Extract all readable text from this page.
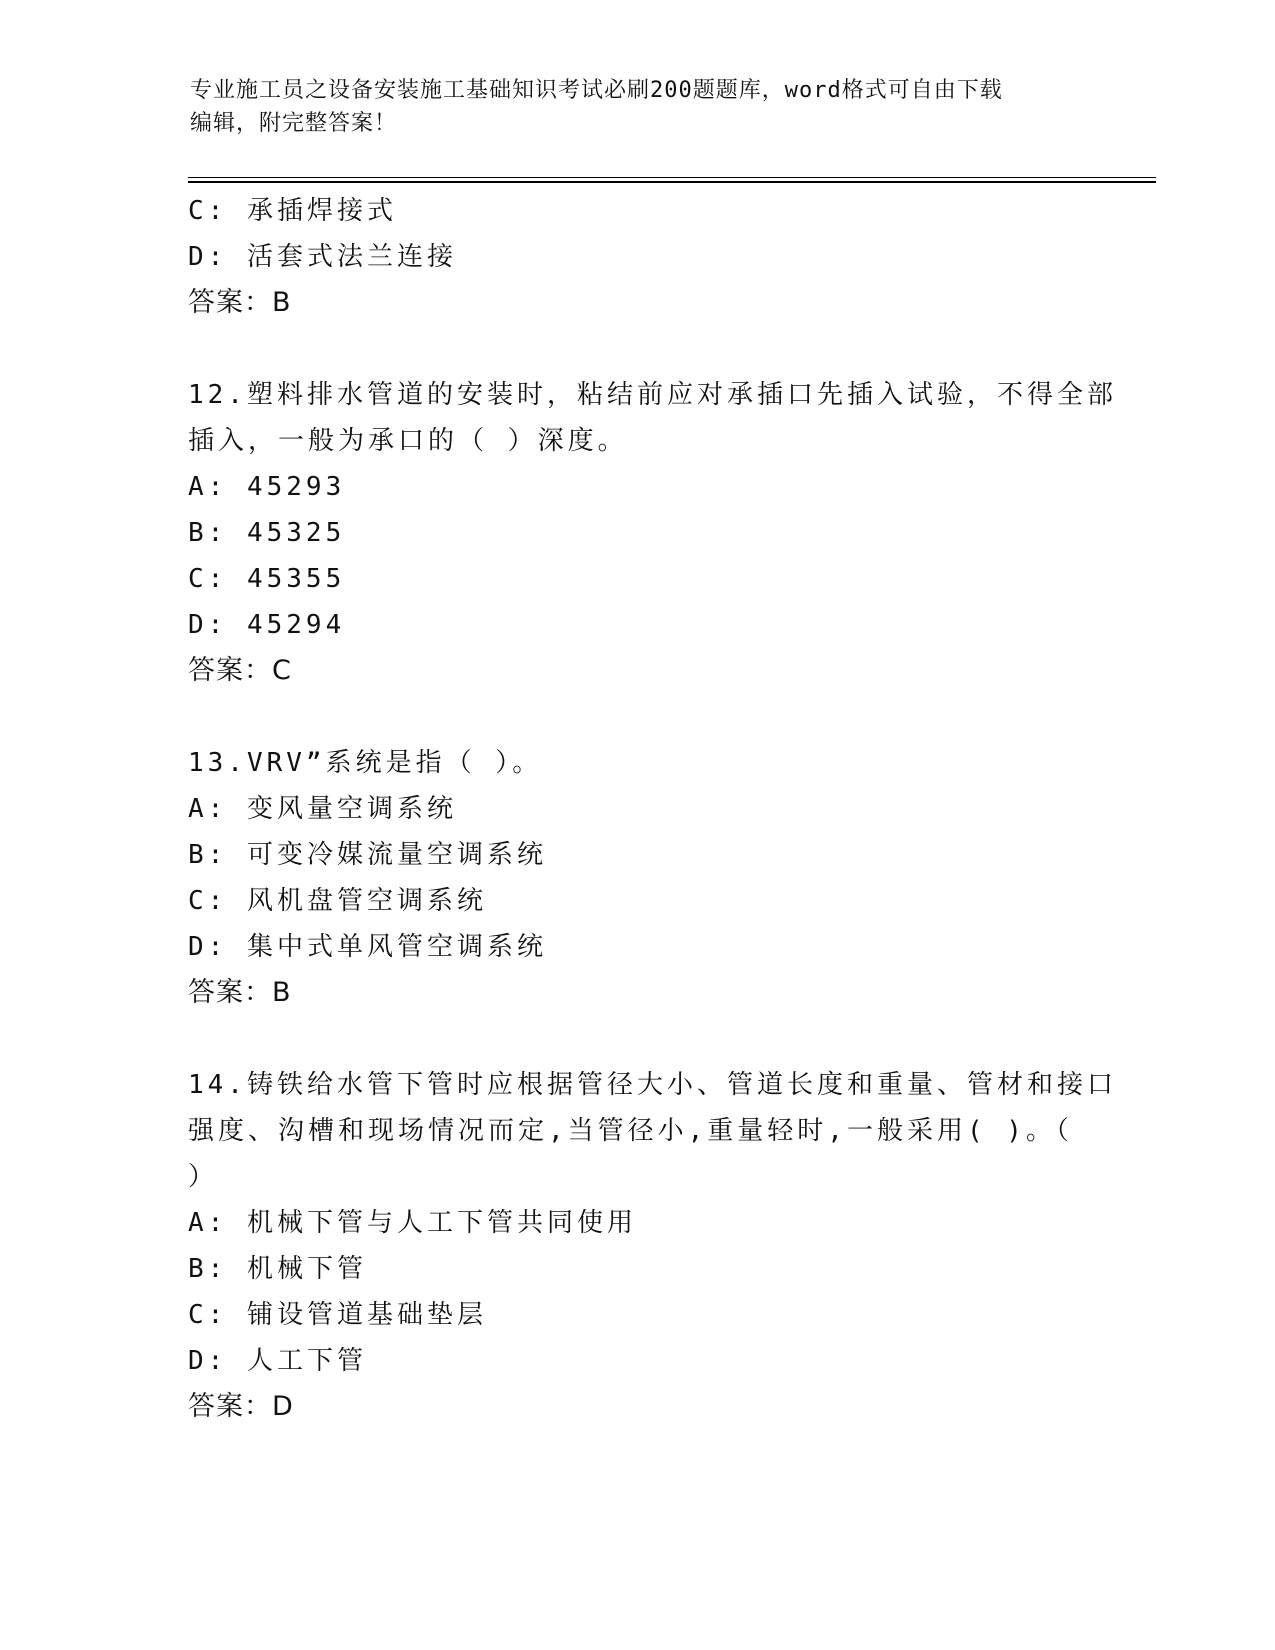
专业施工员之设备安装施工基础知识考试必刷200题题库，word格式可自由下载
编辑，附完整答案！
C: 承插焊接式
D: 活套式法兰连接
答案：B
12.塑料排水管道的安装时，粘结前应对承插口先插入试验，不得全部
插入，一般为承口的（ ）深度。
A: 45293
B: 45325
C: 45355
D: 45294
答案：C
13.VRV”系统是指（ ）。
A: 变风量空调系统
B: 可变冷媒流量空调系统
C: 风机盘管空调系统
D: 集中式单风管空调系统
答案：B
14.铸铁给水管下管时应根据管径大小、管道长度和重量、管材和接口
强度、沟槽和现场情况而定,当管径小,重量轻时,一般采用( )。（
）
A: 机械下管与人工下管共同使用
B: 机械下管
C: 铺设管道基础垫层
D: 人工下管
答案：D
